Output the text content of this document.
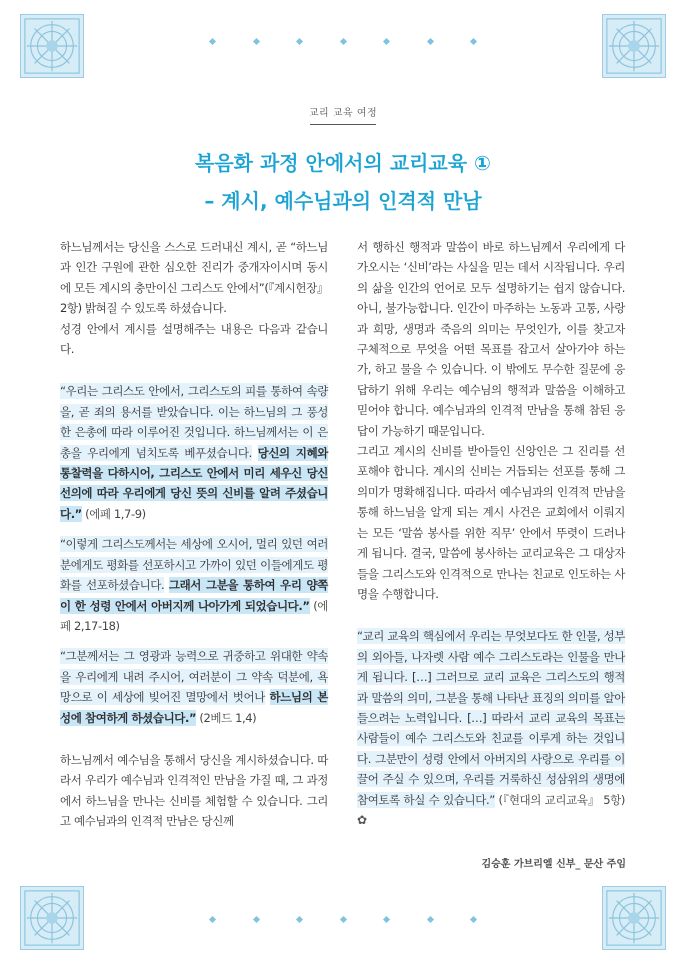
교리 교육 여정
복음화 과정 안에서의 교리교육 ①
– 계시, 예수님과의 인격적 만남

하느님께서는 당신을 스스로 드러내신 계시, 곧 “하느님과 인간 구원에 관한 심오한 진리가 중개자이시며 동시에 모든 계시의 충만이신 그리스도 안에서”(『계시헌장』 2항) 밝혀질 수 있도록 하셨습니다.

성경 안에서 계시를 설명해주는 내용은 다음과 같습니다.

“우리는 그리스도 안에서, 그리스도의 피를 통하여 속량을, 곧 죄의 용서를 받았습니다. 이는 하느님의 그 풍성한 은총에 따라 이루어진 것입니다. 하느님께서는 이 은총을 우리에게 넘치도록 베푸셨습니다. 당신의 지혜와 통찰력을 다하시어, 그리스도 안에서 미리 세우신 당신 선의에 따라 우리에게 당신 뜻의 신비를 알려 주셨습니다.” (에페 1,7-9)

“이렇게 그리스도께서는 세상에 오시어, 멀리 있던 여러분에게도 평화를 선포하시고 가까이 있던 이들에게도 평화를 선포하셨습니다. 그래서 그분을 통하여 우리 양쪽이 한 성령 안에서 아버지께 나아가게 되었습니다.” (에페 2,17-18)

“그분께서는 그 영광과 능력으로 귀중하고 위대한 약속을 우리에게 내려 주시어, 여러분이 그 약속 덕분에, 욕망으로 이 세상에 빚어진 멸망에서 벗어나 하느님의 본성에 참여하게 하셨습니다.” (2베드 1,4)

하느님께서 예수님을 통해서 당신을 계시하셨습니다. 따라서 우리가 예수님과 인격적인 만남을 가질 때, 그 과정에서 하느님을 만나는 신비를 체험할 수 있습니다. 그리고 예수님과의 인격적 만남은 당신께

서 행하신 행적과 말씀이 바로 하느님께서 우리에게 다가오시는 ‘신비’라는 사실을 믿는 데서 시작됩니다. 우리의 삶을 인간의 언어로 모두 설명하기는 쉽지 않습니다. 아니, 불가능합니다. 인간이 마주하는 노동과 고통, 사랑과 희망, 생명과 죽음의 의미는 무엇인가, 이를 찾고자 구체적으로 무엇을 어떤 목표를 잡고서 살아가야 하는가, 하고 물을 수 있습니다. 이 밖에도 무수한 질문에 응답하기 위해 우리는 예수님의 행적과 말씀을 이해하고 믿어야 합니다. 예수님과의 인격적 만남을 통해 참된 응답이 가능하기 때문입니다.

그리고 계시의 신비를 받아들인 신앙인은 그 진리를 선포해야 합니다. 계시의 신비는 거듭되는 선포를 통해 그 의미가 명확해집니다. 따라서 예수님과의 인격적 만남을 통해 하느님을 알게 되는 계시 사건은 교회에서 이뤄지는 모든 ‘말씀 봉사를 위한 직무’ 안에서 뚜렷이 드러나게 됩니다. 결국, 말씀에 봉사하는 교리교육은 그 대상자들을 그리스도와 인격적으로 만나는 친교로 인도하는 사명을 수행합니다.

“교리 교육의 핵심에서 우리는 무엇보다도 한 인물, 성부의 외아들, 나자렛 사람 예수 그리스도라는 인물을 만나게 됩니다. […] 그러므로 교리 교육은 그리스도의 행적과 말씀의 의미, 그분을 통해 나타난 표징의 의미를 알아들으려는 노력입니다. […] 따라서 교리 교육의 목표는 사람들이 예수 그리스도와 친교를 이루게 하는 것입니다. 그분만이 성령 안에서 아버지의 사랑으로 우리를 이끌어 주실 수 있으며, 우리를 거룩하신 성삼위의 생명에 참여토록 하실 수 있습니다.” (『현대의 교리교육』 5항) ✿

김승훈 가브리엘 신부_ 문산 주임
